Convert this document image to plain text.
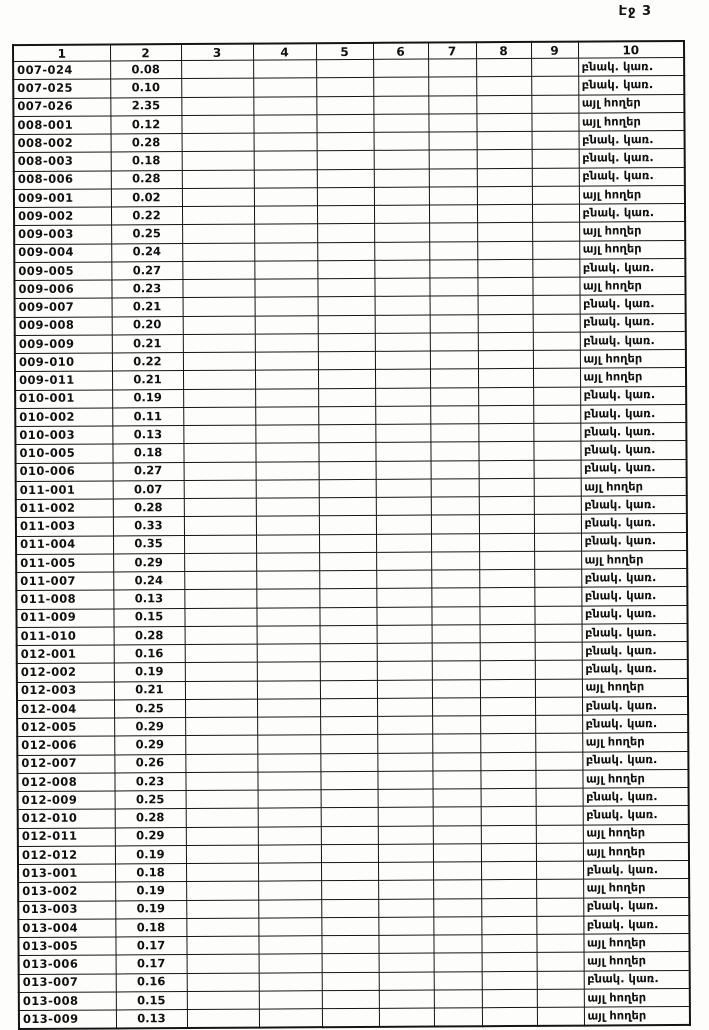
Էջ 3
1	2	3	4	5	6	7	8	9	10
007-024	0.08								բնակ. կառ.
007-025	0.10								բնակ. կառ.
007-026	2.35								այլ հողեր
008-001	0.12								այլ հողեր
008-002	0.28								բնակ. կառ.
008-003	0.18								բնակ. կառ.
008-006	0.28								բնակ. կառ.
009-001	0.02								այլ հողեր
009-002	0.22								բնակ. կառ.
009-003	0.25								այլ հողեր
009-004	0.24								այլ հողեր
009-005	0.27								բնակ. կառ.
009-006	0.23								այլ հողեր
009-007	0.21								բնակ. կառ.
009-008	0.20								բնակ. կառ.
009-009	0.21								բնակ. կառ.
009-010	0.22								այլ հողեր
009-011	0.21								այլ հողեր
010-001	0.19								բնակ. կառ.
010-002	0.11								բնակ. կառ.
010-003	0.13								բնակ. կառ.
010-005	0.18								բնակ. կառ.
010-006	0.27								բնակ. կառ.
011-001	0.07								այլ հողեր
011-002	0.28								բնակ. կառ.
011-003	0.33								բնակ. կառ.
011-004	0.35								բնակ. կառ.
011-005	0.29								այլ հողեր
011-007	0.24								բնակ. կառ.
011-008	0.13								բնակ. կառ.
011-009	0.15								բնակ. կառ.
011-010	0.28								բնակ. կառ.
012-001	0.16								բնակ. կառ.
012-002	0.19								բնակ. կառ.
012-003	0.21								այլ հողեր
012-004	0.25								բնակ. կառ.
012-005	0.29								բնակ. կառ.
012-006	0.29								այլ հողեր
012-007	0.26								բնակ. կառ.
012-008	0.23								այլ հողեր
012-009	0.25								բնակ. կառ.
012-010	0.28								բնակ. կառ.
012-011	0.29								այլ հողեր
012-012	0.19								այլ հողեր
013-001	0.18								բնակ. կառ.
013-002	0.19								այլ հողեր
013-003	0.19								բնակ. կառ.
013-004	0.18								բնակ. կառ.
013-005	0.17								այլ հողեր
013-006	0.17								այլ հողեր
013-007	0.16								բնակ. կառ.
013-008	0.15								այլ հողեր
013-009	0.13								այլ հողեր
